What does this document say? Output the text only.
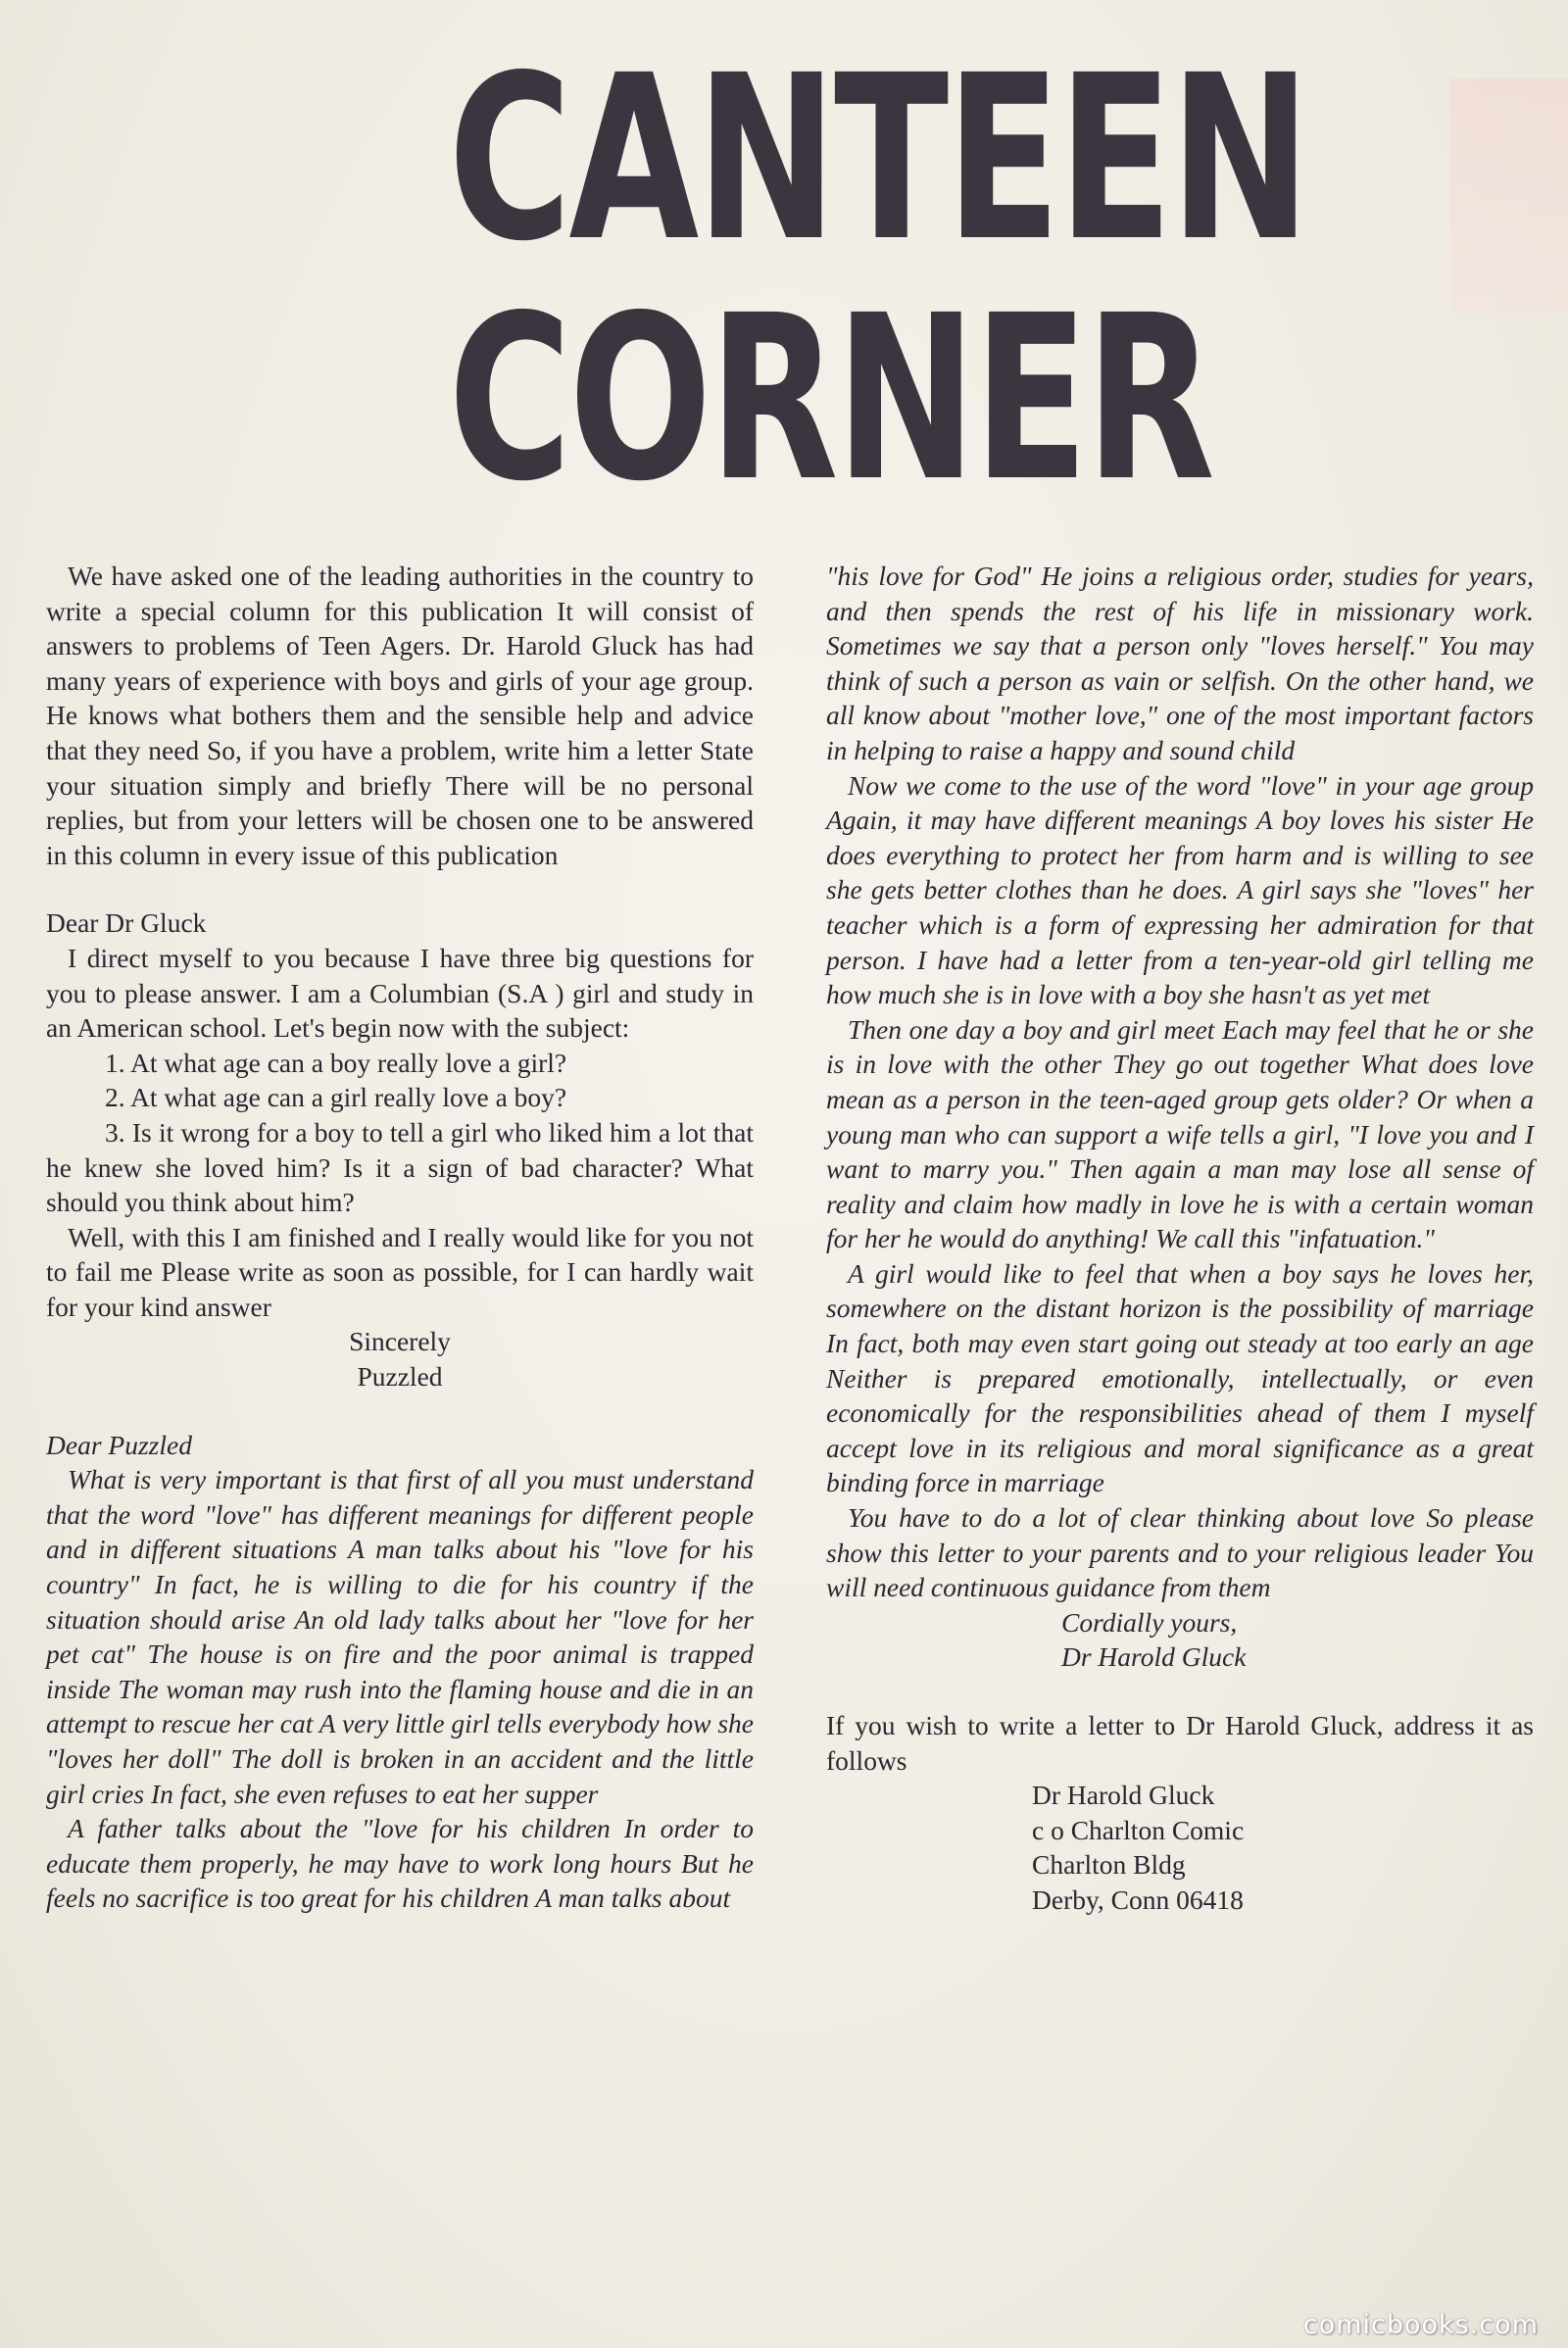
CANTEEN
CORNER

We have asked one of the leading authorities in the country to write a special column for this publication It will consist of answers to problems of Teen Agers. Dr. Harold Gluck has had many years of experience with boys and girls of your age group. He knows what bothers them and the sensible help and advice that they need So, if you have a problem, write him a letter State your situation simply and briefly There will be no personal replies, but from your letters will be chosen one to be answered in this column in every issue of this publication

Dear Dr Gluck

I direct myself to you because I have three big questions for you to please answer. I am a Columbian (S.A ) girl and study in an American school. Let's begin now with the subject:

1. At what age can a boy really love a girl?

2. At what age can a girl really love a boy?

3. Is it wrong for a boy to tell a girl who liked him a lot that he knew she loved him? Is it a sign of bad character? What should you think about him?

Well, with this I am finished and I really would like for you not to fail me Please write as soon as possible, for I can hardly wait for your kind answer

Sincerely

Puzzled

Dear Puzzled

What is very important is that first of all you must understand that the word "love" has different meanings for different people and in different situations A man talks about his "love for his country" In fact, he is willing to die for his country if the situation should arise An old lady talks about her "love for her pet cat" The house is on fire and the poor animal is trapped inside The woman may rush into the flaming house and die in an attempt to rescue her cat A very little girl tells everybody how she "loves her doll" The doll is broken in an accident and the little girl cries In fact, she even refuses to eat her supper

A father talks about the "love for his children In order to educate them properly, he may have to work long hours But he feels no sacrifice is too great for his children A man talks about

"his love for God" He joins a religious order, studies for years, and then spends the rest of his life in missionary work. Sometimes we say that a person only "loves herself." You may think of such a person as vain or selfish. On the other hand, we all know about "mother love," one of the most important factors in helping to raise a happy and sound child

Now we come to the use of the word "love" in your age group Again, it may have different meanings A boy loves his sister He does everything to protect her from harm and is willing to see she gets better clothes than he does. A girl says she "loves" her teacher which is a form of expressing her admiration for that person. I have had a letter from a ten-year-old girl telling me how much she is in love with a boy she hasn't as yet met

Then one day a boy and girl meet Each may feel that he or she is in love with the other They go out together What does love mean as a person in the teen-aged group gets older? Or when a young man who can support a wife tells a girl, "I love you and I want to marry you." Then again a man may lose all sense of reality and claim how madly in love he is with a certain woman for her he would do anything! We call this "infatuation."

A girl would like to feel that when a boy says he loves her, somewhere on the distant horizon is the possibility of marriage In fact, both may even start going out steady at too early an age Neither is prepared emotionally, intellectually, or even economically for the responsibilities ahead of them I myself accept love in its religious and moral significance as a great binding force in marriage

You have to do a lot of clear thinking about love So please show this letter to your parents and to your religious leader You will need continuous guidance from them

Cordially yours,

Dr Harold Gluck

If you wish to write a letter to Dr Harold Gluck, address it as follows

Dr Harold Gluck

c o Charlton Comic

Charlton Bldg

Derby, Conn 06418

comicbooks.com
